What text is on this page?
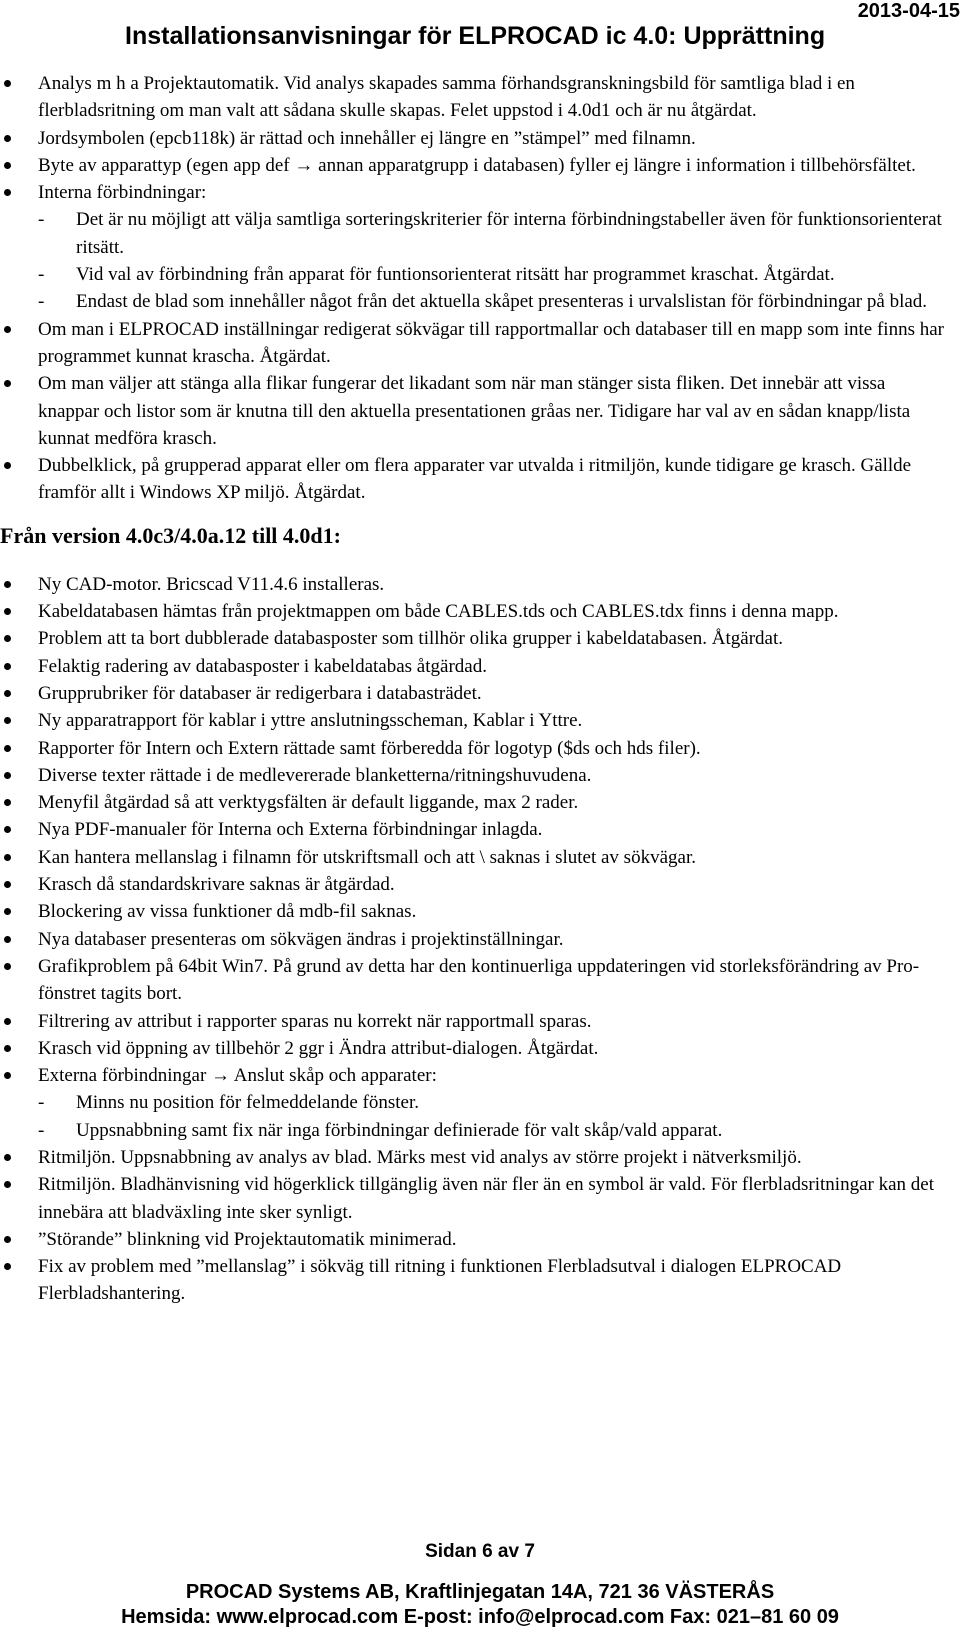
2013-04-15
Installationsanvisningar för ELPROCAD ic 4.0: Upprättning
Analys m h a Projektautomatik. Vid analys skapades samma förhandsgranskningsbild för samtliga blad i en flerbladsritning om man valt att sådana skulle skapas. Felet uppstod i 4.0d1 och är nu åtgärdat.
Jordsymbolen (epcb118k) är rättad och innehåller ej längre en ”stämpel” med filnamn.
Byte av apparattyp (egen app def → annan apparatgrupp i databasen) fyller ej längre i information i tillbehörsfältet.
Interna förbindningar:
- Det är nu möjligt att välja samtliga sorteringskriterier för interna förbindningstabeller även för funktionsorienterat ritsätt.
- Vid val av förbindning från apparat för funtionsorienterat ritsätt har programmet kraschat. Åtgärdat.
- Endast de blad som innehåller något från det aktuella skåpet presenteras i urvalslistan för förbindningar på blad.
Om man i ELPROCAD inställningar redigerat sökvägar till rapportmallar och databaser till en mapp som inte finns har programmet kunnat krascha. Åtgärdat.
Om man väljer att stänga alla flikar fungerar det likadant som när man stänger sista fliken. Det innebär att vissa knappar och listor som är knutna till den aktuella presentationen gråas ner. Tidigare har val av en sådan knapp/lista kunnat medföra krasch.
Dubbelklick, på grupperad apparat eller om flera apparater var utvalda i ritmiljön, kunde tidigare ge krasch. Gällde framför allt i Windows XP miljö. Åtgärdat.
Från version 4.0c3/4.0a.12 till 4.0d1:
Ny CAD-motor. Bricscad V11.4.6 installeras.
Kabeldatabasen hämtas från projektmappen om både CABLES.tds och CABLES.tdx finns i denna mapp.
Problem att ta bort dubblerade databasposter som tillhör olika grupper i kabeldatabasen. Åtgärdat.
Felaktig radering av databasposter i kabeldatabas åtgärdad.
Grupprubriker för databaser är redigerbara i databasträdet.
Ny apparatrapport för kablar i yttre anslutningsscheman, Kablar i Yttre.
Rapporter för Intern och Extern rättade samt förberedda för logotyp ($ds och hds filer).
Diverse texter rättade i de medlevererade blanketterna/ritningshuvudena.
Menyfil åtgärdad så att verktygsfälten är default liggande, max 2 rader.
Nya PDF-manualer för Interna och Externa förbindningar inlagda.
Kan hantera mellanslag i filnamn för utskriftsmall och att \ saknas i slutet av sökvägar.
Krasch då standardskrivare saknas är åtgärdad.
Blockering av vissa funktioner då mdb-fil saknas.
Nya databaser presenteras om sökvägen ändras i projektinställningar.
Grafikproblem på 64bit Win7. På grund av detta har den kontinuerliga uppdateringen vid storleksförändring av Pro-fönstret tagits bort.
Filtrering av attribut i rapporter sparas nu korrekt när rapportmall sparas.
Krasch vid öppning av tillbehör 2 ggr i Ändra attribut-dialogen. Åtgärdat.
Externa förbindningar → Anslut skåp och apparater:
- Minns nu position för felmeddelande fönster.
- Uppsnabbning samt fix när inga förbindningar definierade för valt skåp/vald apparat.
Ritmiljön. Uppsnabbning av analys av blad. Märks mest vid analys av större projekt i nätverksmiljö.
Ritmiljön. Bladhänvisning vid högerklick tillgänglig även när fler än en symbol är vald. För flerbladsritningar kan det innebära att bladväxling inte sker synligt.
”Störande” blinkning vid Projektautomatik minimerad.
Fix av problem med ”mellanslag” i sökväg till ritning i funktionen Flerbladsutval i dialogen ELPROCAD Flerbladshantering.
Sidan 6 av 7
PROCAD Systems AB, Kraftlinjegatan 14A, 721 36 VÄSTERÅS
Hemsida: www.elprocad.com E-post: info@elprocad.com Fax: 021–81 60 09
